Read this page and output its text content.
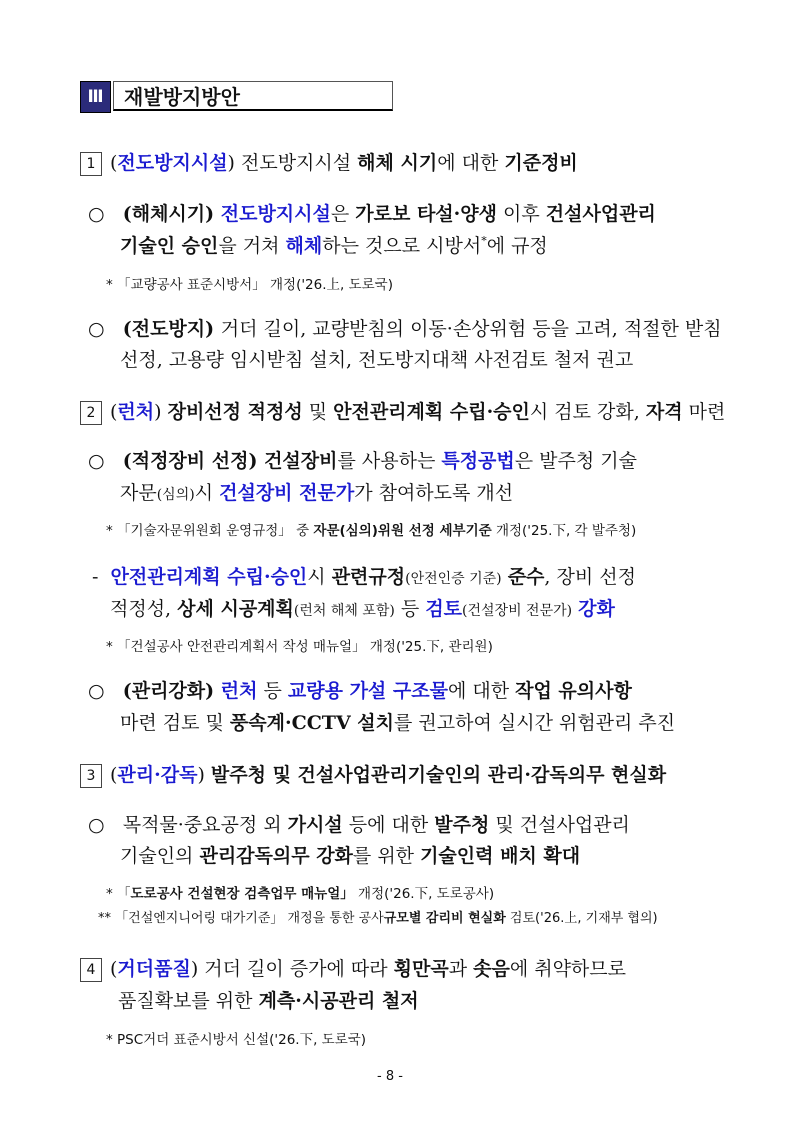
Ⅲ	재발방지방안
1 (전도방지시설) 전도방지시설 해체 시기에 대한 기준정비
○ (해체시기) 전도방지시설은 가로보 타설·양생 이후 건설사업관리
기술인 승인을 거쳐 해체하는 것으로 시방서*에 규정
* 「교량공사 표준시방서」 개정('26.上, 도로국)
○ (전도방지) 거더 길이, 교량받침의 이동·손상위험 등을 고려, 적절한 받침
선정, 고용량 임시받침 설치, 전도방지대책 사전검토 철저 권고
2 (런처) 장비선정 적정성 및 안전관리계획 수립·승인시 검토 강화, 자격 마련
○ (적정장비 선정) 건설장비를 사용하는 특정공법은 발주청 기술
자문(심의)시 건설장비 전문가가 참여하도록 개선
* 「기술자문위원회 운영규정」 중 자문(심의)위원 선정 세부기준 개정('25.下, 각 발주청)
- 안전관리계획 수립·승인시 관련규정(안전인증 기준) 준수, 장비 선정
적정성, 상세 시공계획(런처 해체 포함) 등 검토(건설장비 전문가) 강화
* 「건설공사 안전관리계획서 작성 매뉴얼」 개정('25.下, 관리원)
○ (관리강화) 런처 등 교량용 가설 구조물에 대한 작업 유의사항
마련 검토 및 풍속계·CCTV 설치를 권고하여 실시간 위험관리 추진
3 (관리·감독) 발주청 및 건설사업관리기술인의 관리·감독의무 현실화
○ 목적물·중요공정 외 가시설 등에 대한 발주청 및 건설사업관리
기술인의 관리감독의무 강화를 위한 기술인력 배치 확대
* 「도로공사 건설현장 검측업무 매뉴얼」 개정('26.下, 도로공사)
** 「건설엔지니어링 대가기준」 개정을 통한 공사규모별 감리비 현실화 검토('26.上, 기재부 협의)
4 (거더품질) 거더 길이 증가에 따라 횡만곡과 솟음에 취약하므로
품질확보를 위한 계측·시공관리 철저
* PSC거더 표준시방서 신설('26.下, 도로국)
- 8 -
